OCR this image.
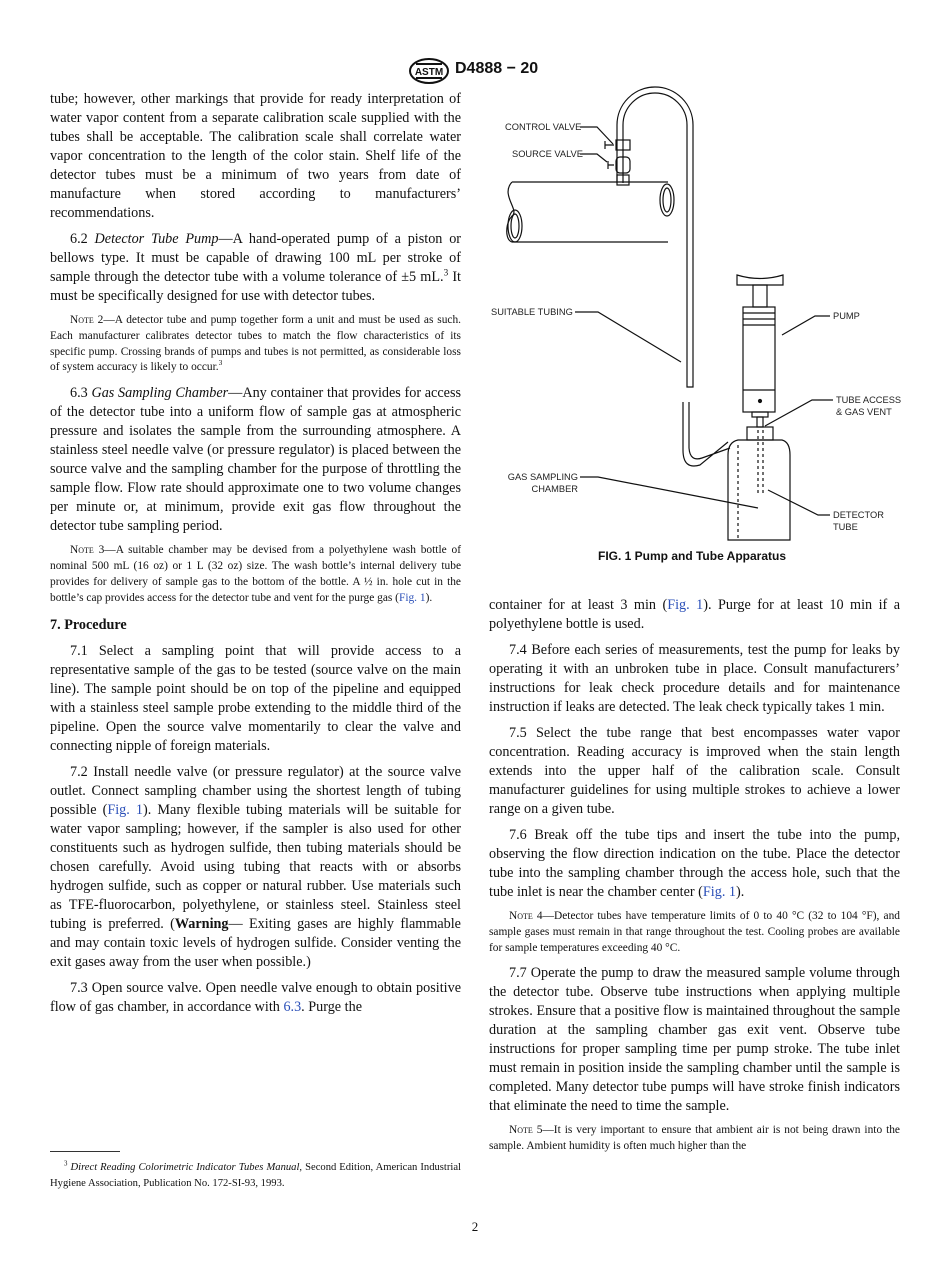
ASTM D4888 − 20
tube; however, other markings that provide for ready interpretation of water vapor content from a separate calibration scale supplied with the tubes shall be acceptable. The calibration scale shall correlate water vapor concentration to the length of the color stain. Shelf life of the detector tubes must be a minimum of two years from date of manufacture when stored according to manufacturers’ recommendations.
6.2 Detector Tube Pump—A hand-operated pump of a piston or bellows type. It must be capable of drawing 100 mL per stroke of sample through the detector tube with a volume tolerance of ±5 mL.$^3$ It must be specifically designed for use with detector tubes.
Note 2—A detector tube and pump together form a unit and must be used as such. Each manufacturer calibrates detector tubes to match the flow characteristics of its specific pump. Crossing brands of pumps and tubes is not permitted, as considerable loss of system accuracy is likely to occur.$^3$
6.3 Gas Sampling Chamber—Any container that provides for access of the detector tube into a uniform flow of sample gas at atmospheric pressure and isolates the sample from the surrounding atmosphere. A stainless steel needle valve (or pressure regulator) is placed between the source valve and the sampling chamber for the purpose of throttling the sample flow. Flow rate should approximate one to two volume changes per minute or, at minimum, provide exit gas flow throughout the detector tube sampling period.
Note 3—A suitable chamber may be devised from a polyethylene wash bottle of nominal 500 mL (16 oz) or 1 L (32 oz) size. The wash bottle’s internal delivery tube provides for delivery of sample gas to the bottom of the bottle. A ½ in. hole cut in the bottle’s cap provides access for the detector tube and vent for the purge gas (Fig. 1).
7. Procedure
7.1 Select a sampling point that will provide access to a representative sample of the gas to be tested (source valve on the main line). The sample point should be on top of the pipeline and equipped with a stainless steel sample probe extending to the middle third of the pipeline. Open the source valve momentarily to clear the valve and connecting nipple of foreign materials.
7.2 Install needle valve (or pressure regulator) at the source valve outlet. Connect sampling chamber using the shortest length of tubing possible (Fig. 1). Many flexible tubing materials will be suitable for water vapor sampling; however, if the sampler is also used for other constituents such as hydrogen sulfide, then tubing materials should be chosen carefully. Avoid using tubing that reacts with or absorbs hydrogen sulfide, such as copper or natural rubber. Use materials such as TFE-fluorocarbon, polyethylene, or stainless steel. Stainless steel tubing is preferred. (Warning— Exiting gases are highly flammable and may contain toxic levels of hydrogen sulfide. Consider venting the exit gases away from the user when possible.)
7.3 Open source valve. Open needle valve enough to obtain positive flow of gas chamber, in accordance with 6.3. Purge the
container for at least 3 min (Fig. 1). Purge for at least 10 min if a polyethylene bottle is used.
7.4 Before each series of measurements, test the pump for leaks by operating it with an unbroken tube in place. Consult manufacturers’ instructions for leak check procedure details and for maintenance instruction if leaks are detected. The leak check typically takes 1 min.
7.5 Select the tube range that best encompasses water vapor concentration. Reading accuracy is improved when the stain length extends into the upper half of the calibration scale. Consult manufacturer guidelines for using multiple strokes to achieve a lower range on a given tube.
7.6 Break off the tube tips and insert the tube into the pump, observing the flow direction indication on the tube. Place the detector tube into the sampling chamber through the access hole, such that the tube inlet is near the chamber center (Fig. 1).
Note 4—Detector tubes have temperature limits of 0 to 40 °C (32 to 104 °F), and sample gases must remain in that range throughout the test. Cooling probes are available for sample temperatures exceeding 40 °C.
7.7 Operate the pump to draw the measured sample volume through the detector tube. Observe tube instructions when applying multiple strokes. Ensure that a positive flow is maintained throughout the sample duration at the sampling chamber gas exit vent. Observe tube instructions for proper sampling time per pump stroke. The tube inlet must remain in position inside the sampling chamber until the sample is completed. Many detector tube pumps will have stroke finish indicators that eliminate the need to time the sample.
Note 5—It is very important to ensure that ambient air is not being drawn into the sample. Ambient humidity is often much higher than the
CONTROL VALVE
SOURCE VALVE
SUITABLE TUBING	PUMP
TUBE ACCESS
& GAS VENT
GAS SAMPLING
CHAMBER
DETECTOR
TUBE
FIG. 1 Pump and Tube Apparatus
$^3$ Direct Reading Colorimetric Indicator Tubes Manual, Second Edition, American Industrial Hygiene Association, Publication No. 172-SI-93, 1993.
2
